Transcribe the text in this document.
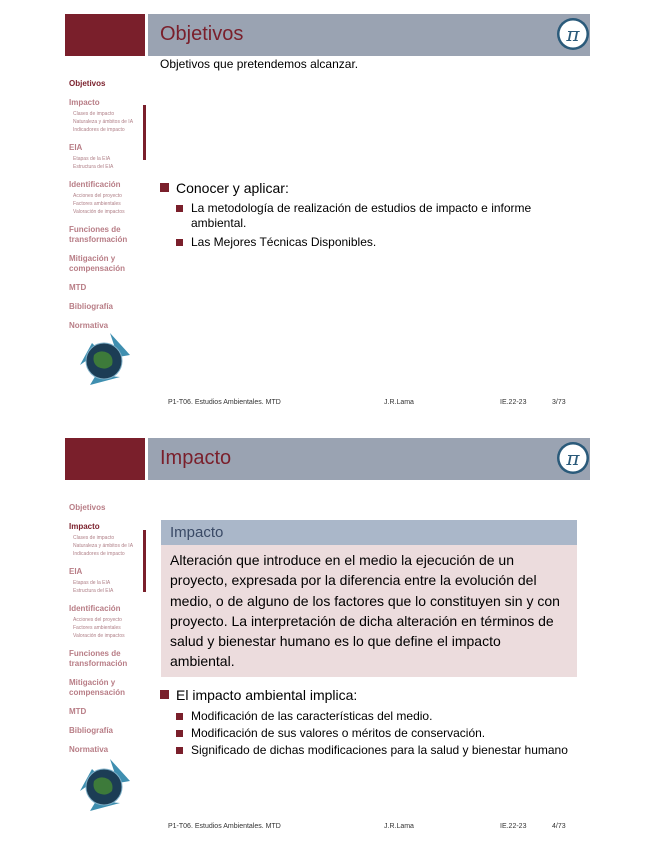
Objetivos	π
Objetivos que pretendemos alcanzar.
Objetivos
Impacto
Clases de impacto
Naturaleza y ámbitos de IA
Indicadores de impacto
EIA
Etapas de la EIA
Estructura del EIA
Identificación
Acciones del proyecto
Factores ambientales
Valoración de impactos
Funciones de transformación
Mitigación y compensación
MTD
Bibliografía
Normativa
Conocer y aplicar:
La metodología de realización de estudios de impacto e informe ambiental.
Las Mejores Técnicas Disponibles.
P1-T06. Estudios Ambientales. MTD	J.R.Lama	IE.22-23	3/73
Impacto	π
Objetivos
Impacto
Clases de impacto
Naturaleza y ámbitos de IA
Indicadores de impacto
EIA
Etapas de la EIA
Estructura del EIA
Identificación
Acciones del proyecto
Factores ambientales
Valoración de impactos
Funciones de transformación
Mitigación y compensación
MTD
Bibliografía
Normativa
Impacto
Alteración que introduce en el medio la ejecución de un proyecto, expresada por la diferencia entre la evolución del medio, o de alguno de los factores que lo constituyen sin y con proyecto. La interpretación de dicha alteración en términos de salud y bienestar humano es lo que define el impacto ambiental.
El impacto ambiental implica:
Modificación de las características del medio.
Modificación de sus valores o méritos de conservación.
Significado de dichas modificaciones para la salud y bienestar humano
P1-T06. Estudios Ambientales. MTD	J.R.Lama	IE.22-23	4/73
